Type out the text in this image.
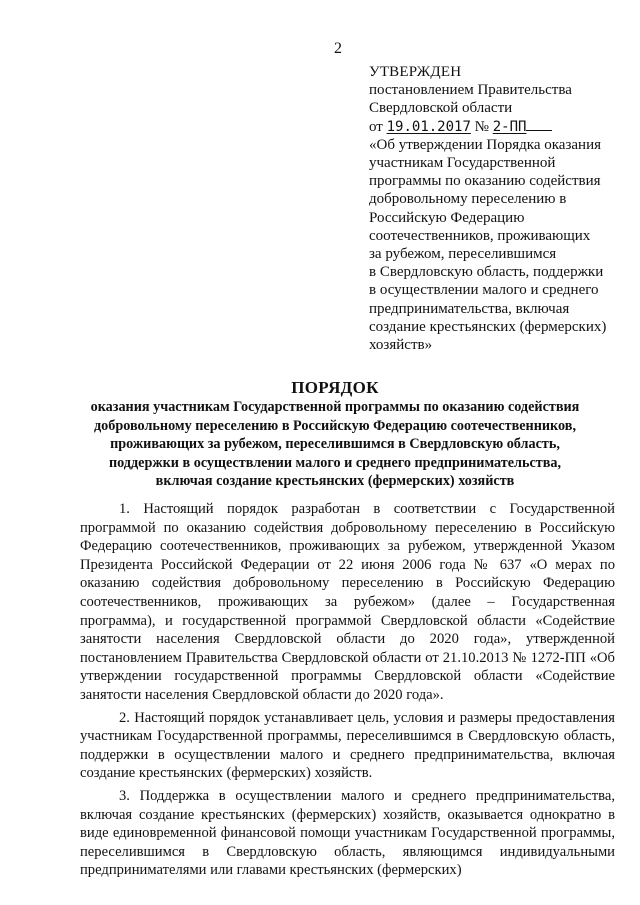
2
УТВЕРЖДЕН
постановлением Правительства
Свердловской области
от 19.01.2017 № 2-ПП
«Об утверждении Порядка оказания
участникам Государственной
программы по оказанию содействия
добровольному переселению в
Российскую Федерацию
соотечественников, проживающих
за рубежом, переселившимся
в Свердловскую область, поддержки
в осуществлении малого и среднего
предпринимательства, включая
создание крестьянских (фермерских)
хозяйств»
ПОРЯДОК
оказания участникам Государственной программы по оказанию содействия
добровольному переселению в Российскую Федерацию соотечественников,
проживающих за рубежом, переселившимся в Свердловскую область,
поддержки в осуществлении малого и среднего предпринимательства,
включая создание крестьянских (фермерских) хозяйств

1. Настоящий порядок разработан в соответствии с Государственной программой по оказанию содействия добровольному переселению в Российскую Федерацию соотечественников, проживающих за рубежом, утвержденной Указом Президента Российской Федерации от 22 июня 2006 года № 637 «О мерах по оказанию содействия добровольному переселению в Российскую Федерацию соотечественников, проживающих за рубежом» (далее – Государственная программа), и государственной программой Свердловской области «Содействие занятости населения Свердловской области до 2020 года», утвержденной постановлением Правительства Свердловской области от 21.10.2013 № 1272-ПП «Об утверждении государственной программы Свердловской области «Содействие занятости населения Свердловской области до 2020 года».

2. Настоящий порядок устанавливает цель, условия и размеры предоставления участникам Государственной программы, переселившимся в Свердловскую область, поддержки в осуществлении малого и среднего предпринимательства, включая создание крестьянских (фермерских) хозяйств.

3. Поддержка в осуществлении малого и среднего предпринимательства, включая создание крестьянских (фермерских) хозяйств, оказывается однократно в виде единовременной финансовой помощи участникам Государственной программы, переселившимся в Свердловскую область, являющимся индивидуальными предпринимателями или главами крестьянских (фермерских)
